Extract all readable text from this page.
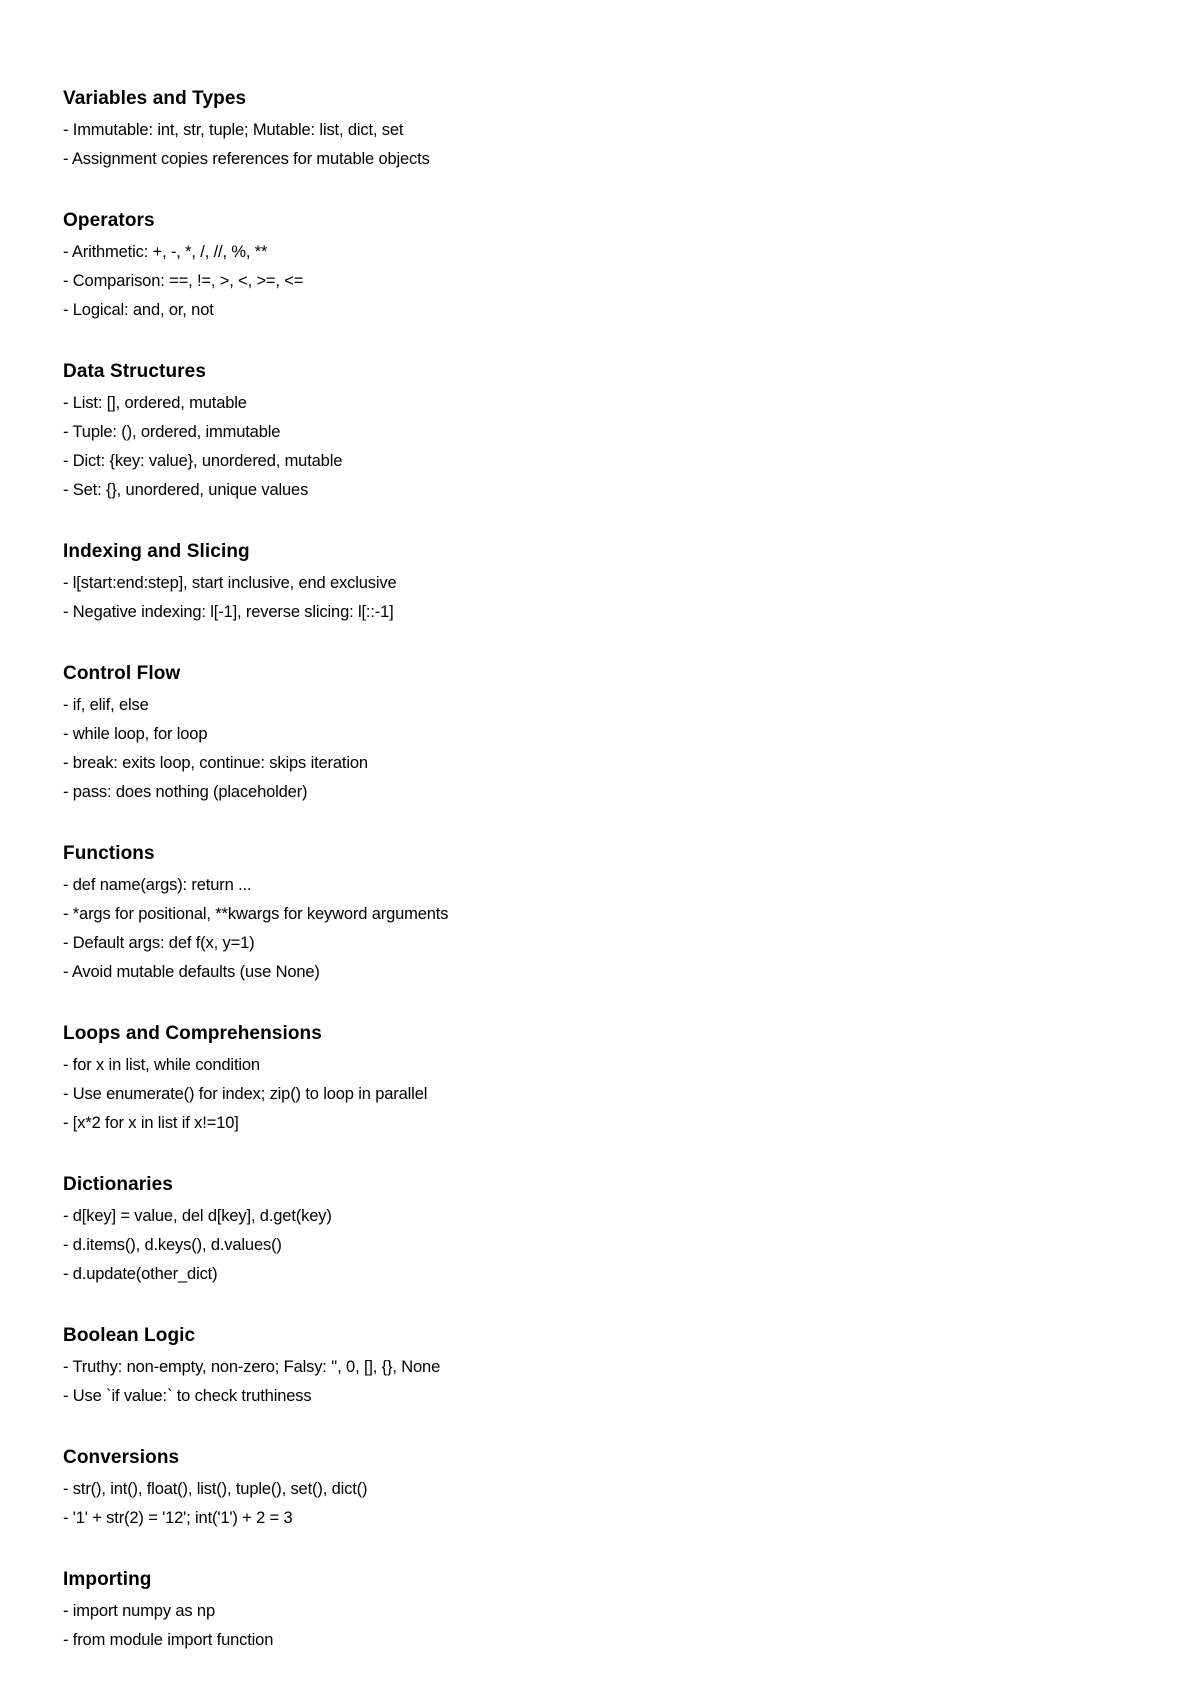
Variables and Types
- Immutable: int, str, tuple; Mutable: list, dict, set
- Assignment copies references for mutable objects
Operators
- Arithmetic: +, -, *, /, //, %, **
- Comparison: ==, !=, >, <, >=, <=
- Logical: and, or, not
Data Structures
- List: [], ordered, mutable
- Tuple: (), ordered, immutable
- Dict: {key: value}, unordered, mutable
- Set: {}, unordered, unique values
Indexing and Slicing
- l[start:end:step], start inclusive, end exclusive
- Negative indexing: l[-1], reverse slicing: l[::-1]
Control Flow
- if, elif, else
- while loop, for loop
- break: exits loop, continue: skips iteration
- pass: does nothing (placeholder)
Functions
- def name(args): return ...
- *args for positional, **kwargs for keyword arguments
- Default args: def f(x, y=1)
- Avoid mutable defaults (use None)
Loops and Comprehensions
- for x in list, while condition
- Use enumerate() for index; zip() to loop in parallel
- [x*2 for x in list if x!=10]
Dictionaries
- d[key] = value, del d[key], d.get(key)
- d.items(), d.keys(), d.values()
- d.update(other_dict)
Boolean Logic
- Truthy: non-empty, non-zero; Falsy: '', 0, [], {}, None
- Use `if value:` to check truthiness
Conversions
- str(), int(), float(), list(), tuple(), set(), dict()
- '1' + str(2) = '12'; int('1') + 2 = 3
Importing
- import numpy as np
- from module import function
